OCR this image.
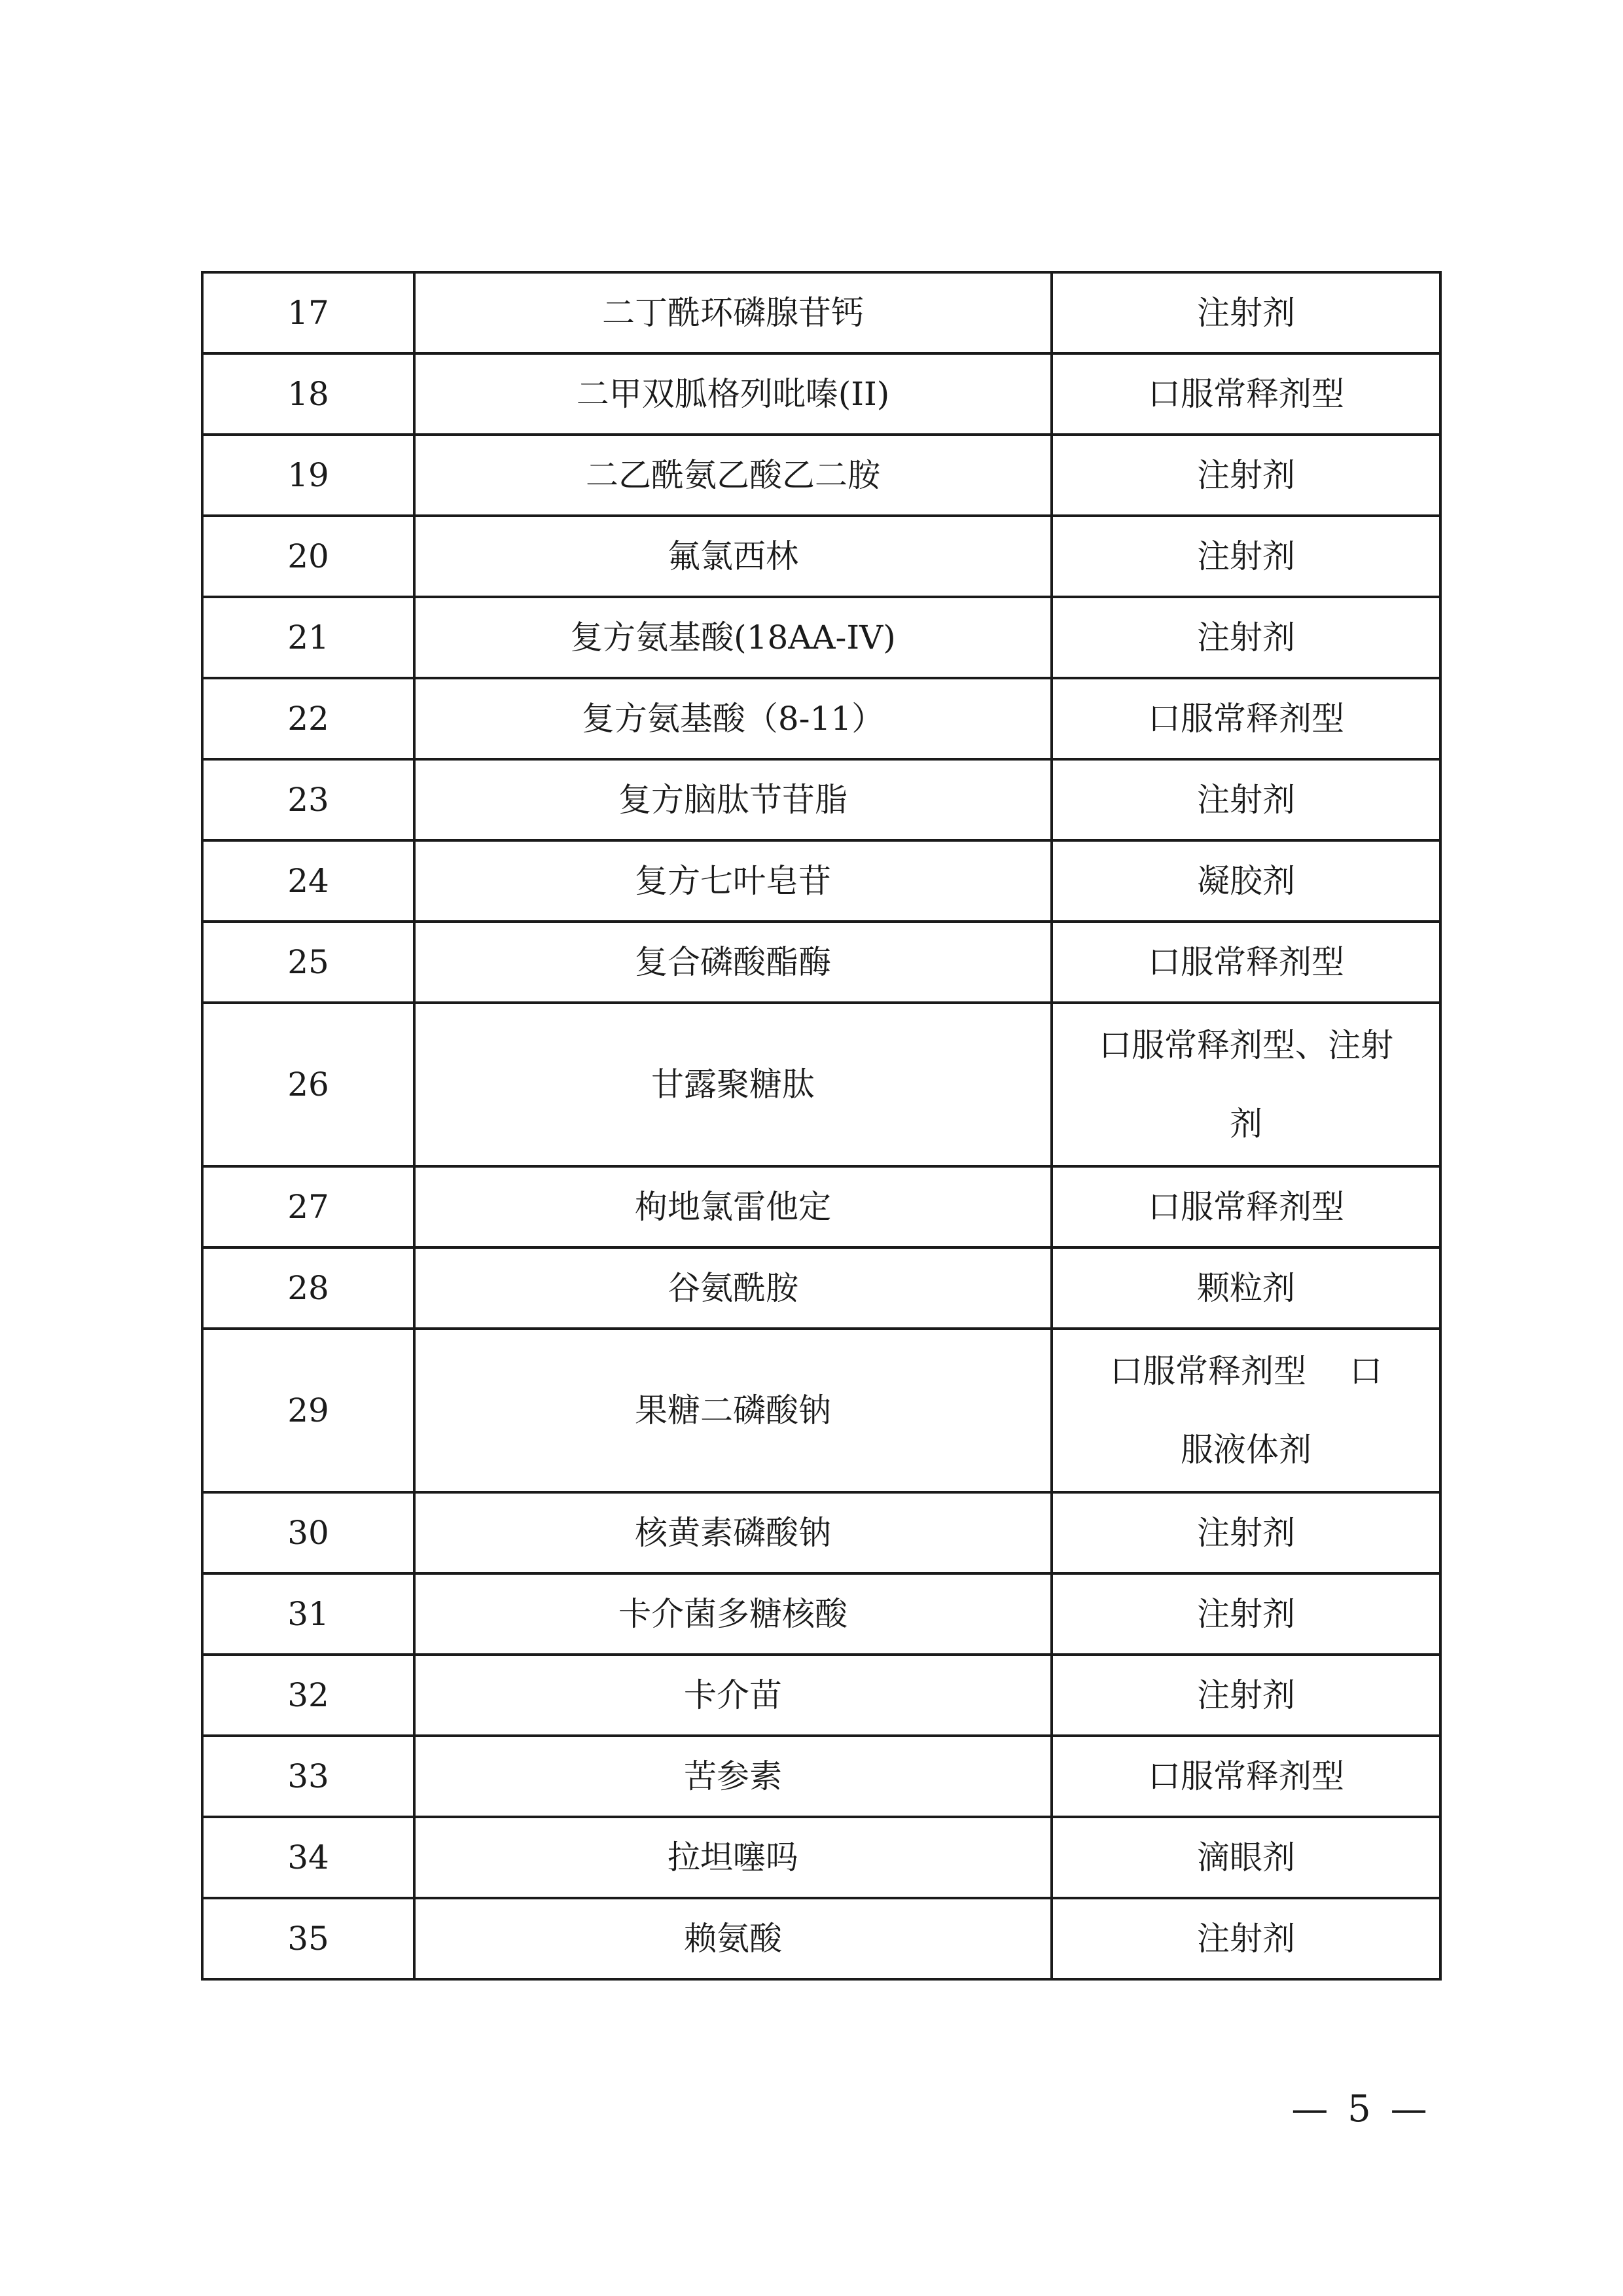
17	二丁酰环磷腺苷钙	注射剂
18	二甲双胍格列吡嗪(II)	口服常释剂型
19	二乙酰氨乙酸乙二胺	注射剂
20	氟氯西林	注射剂
21	复方氨基酸(18AA-IV)	注射剂
22	复方氨基酸（8-11）	口服常释剂型
23	复方脑肽节苷脂	注射剂
24	复方七叶皂苷	凝胶剂
25	复合磷酸酯酶	口服常释剂型
26	甘露聚糖肽	口服常释剂型、注射
剂

27	枸地氯雷他定	口服常释剂型
28	谷氨酰胺	颗粒剂
29	果糖二磷酸钠	口服常释剂型　 口
服液体剂

30	核黄素磷酸钠	注射剂
31	卡介菌多糖核酸	注射剂
32	卡介苗	注射剂
33	苦参素	口服常释剂型
34	拉坦噻吗	滴眼剂
35	赖氨酸	注射剂
— 5 —
